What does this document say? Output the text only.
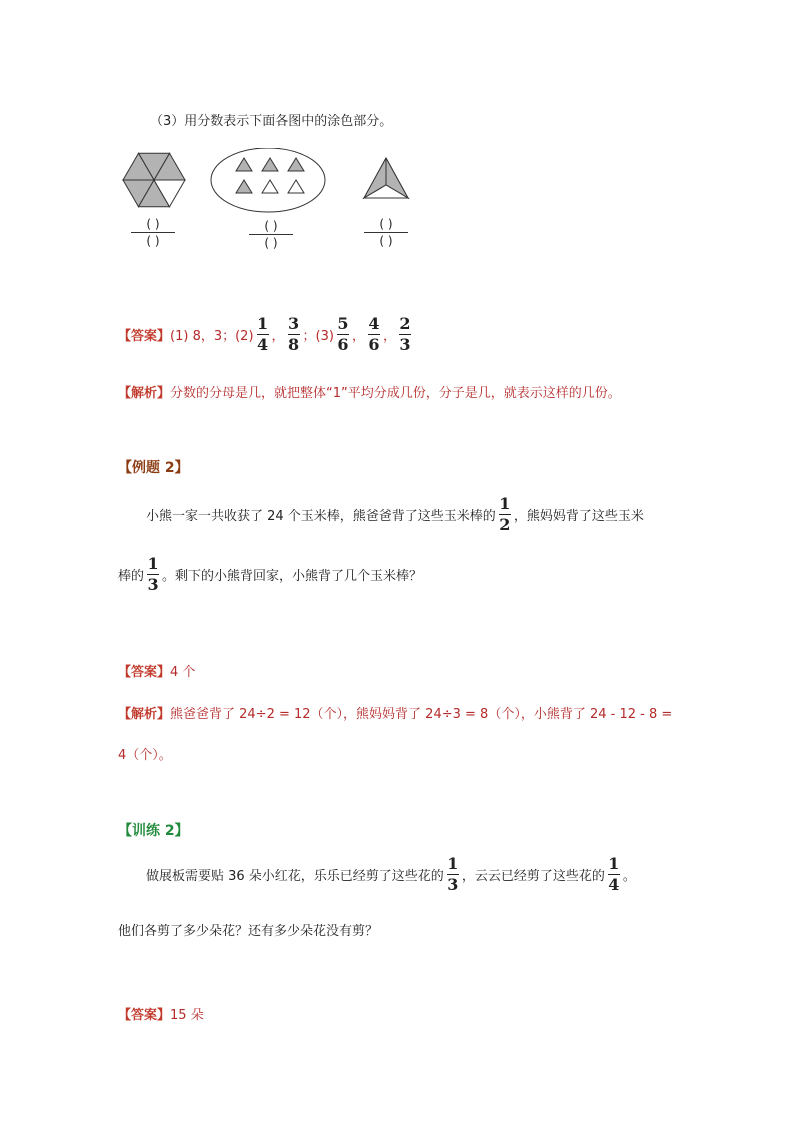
（3）用分数表示下面各图中的涂色部分。
( )
( )
( )
( )
( )
( )
【答案】 (1) 8，3；$(2) \frac{1}{4}$ ， $\frac{3}{8}$ ；$(3) \frac{5}{6}$ ， $\frac{4}{6}$ ， $\frac{2}{3}$
【解析】分数的分母是几，就把整体“1”平均分成几份，分子是几，就表示这样的几份。
【例题 2】
小熊一家一共收获了 24 个玉米棒，熊爸爸背了这些玉米棒的 $\frac{1}{2}$ ，熊妈妈背了这些玉米
棒的 $\frac{1}{3}$ 。剩下的小熊背回家，小熊背了几个玉米棒？
【答案】4 个
【解析】熊爸爸背了 24÷2 = 12（个），熊妈妈背了 24÷3 = 8（个），小熊背了 24 - 12 - 8 =
4（个）。
【训练 2】
做展板需要贴 36 朵小红花，乐乐已经剪了这些花的 $\frac{1}{3}$ ，云云已经剪了这些花的 $\frac{1}{4}$ 。
他们各剪了多少朵花？还有多少朵花没有剪？
【答案】15 朵
